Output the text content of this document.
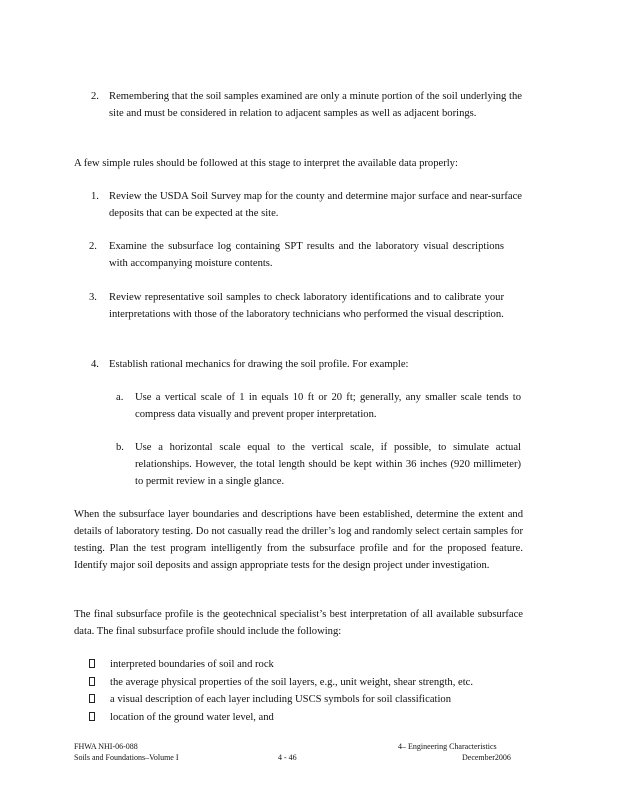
2. Remembering that the soil samples examined are only a minute portion of the soil underlying the site and must be considered in relation to adjacent samples as well as adjacent borings.
A few simple rules should be followed at this stage to interpret the available data properly:
1. Review the USDA Soil Survey map for the county and determine major surface and near-surface deposits that can be expected at the site.
2. Examine the subsurface log containing SPT results and the laboratory visual descriptions with accompanying moisture contents.
3. Review representative soil samples to check laboratory identifications and to calibrate your interpretations with those of the laboratory technicians who performed the visual description.
4. Establish rational mechanics for drawing the soil profile. For example:
a. Use a vertical scale of 1 in equals 10 ft or 20 ft; generally, any smaller scale tends to compress data visually and prevent proper interpretation.
b. Use a horizontal scale equal to the vertical scale, if possible, to simulate actual relationships. However, the total length should be kept within 36 inches (920 millimeter) to permit review in a single glance.
When the subsurface layer boundaries and descriptions have been established, determine the extent and details of laboratory testing. Do not casually read the driller’s log and randomly select certain samples for testing. Plan the test program intelligently from the subsurface profile and for the proposed feature. Identify major soil deposits and assign appropriate tests for the design project under investigation.
The final subsurface profile is the geotechnical specialist’s best interpretation of all available subsurface data. The final subsurface profile should include the following:
interpreted boundaries of soil and rock
the average physical properties of the soil layers, e.g., unit weight, shear strength, etc.
a visual description of each layer including USCS symbols for soil classification
location of the ground water level, and
FHWA NHI-06-088
Soils and Foundations–Volume I	4 - 46
4– Engineering Characteristics
December2006
